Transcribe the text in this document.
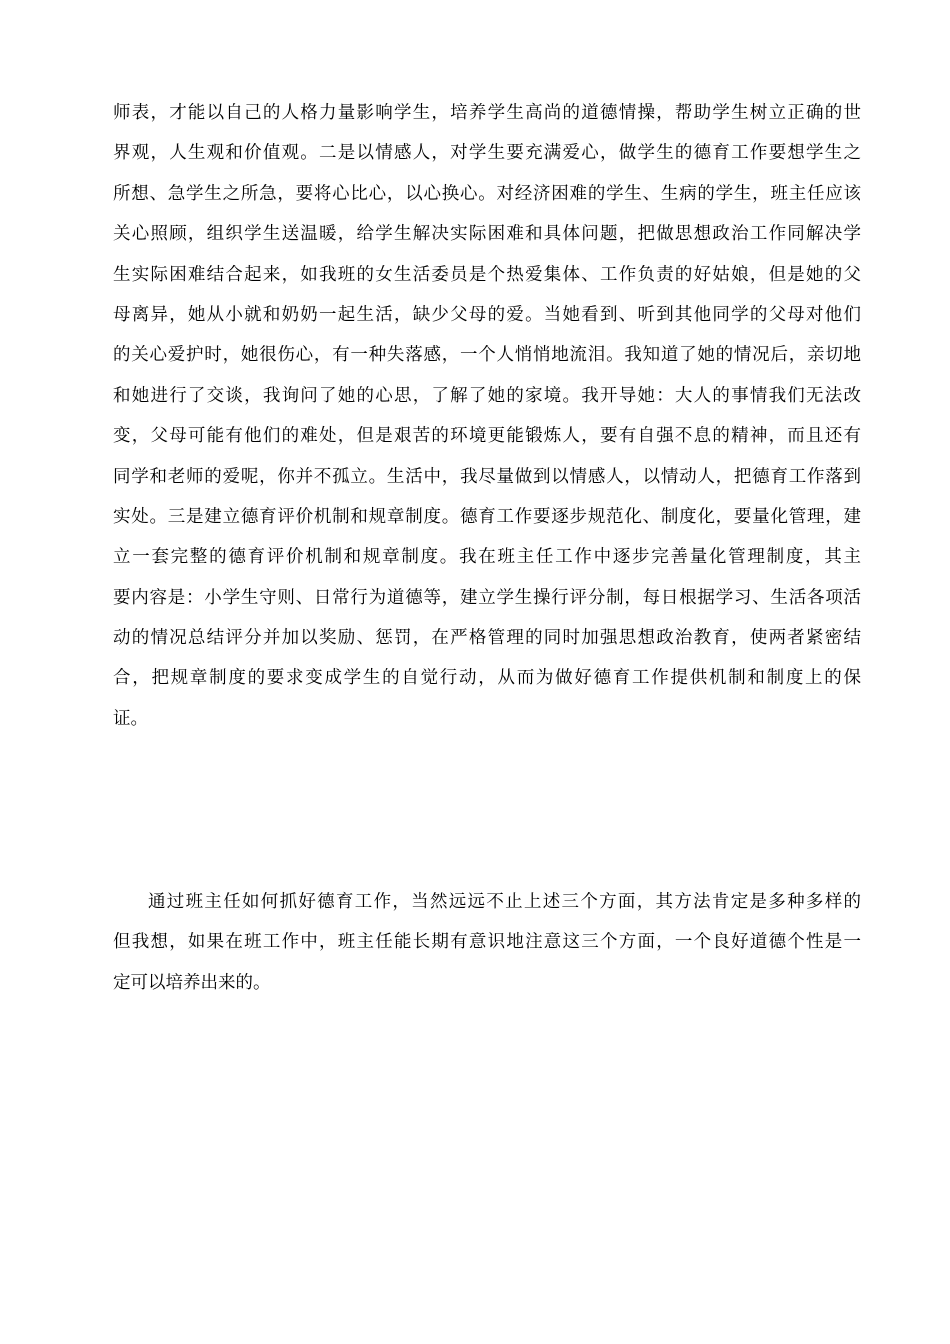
师表，才能以自己的人格力量影响学生，培养学生高尚的道德情操，帮助学生树立正确的世
界观，人生观和价值观。二是以情感人，对学生要充满爱心，做学生的德育工作要想学生之
所想、急学生之所急，要将心比心，以心换心。对经济困难的学生、生病的学生，班主任应该
关心照顾，组织学生送温暖，给学生解决实际困难和具体问题，把做思想政治工作同解决学
生实际困难结合起来，如我班的女生活委员是个热爱集体、工作负责的好姑娘，但是她的父
母离异，她从小就和奶奶一起生活，缺少父母的爱。当她看到、听到其他同学的父母对他们
的关心爱护时，她很伤心，有一种失落感，一个人悄悄地流泪。我知道了她的情况后，亲切地
和她进行了交谈，我询问了她的心思，了解了她的家境。我开导她：大人的事情我们无法改
变，父母可能有他们的难处，但是艰苦的环境更能锻炼人，要有自强不息的精神，而且还有
同学和老师的爱呢，你并不孤立。生活中，我尽量做到以情感人，以情动人，把德育工作落到
实处。三是建立德育评价机制和规章制度。德育工作要逐步规范化、制度化，要量化管理，建
立一套完整的德育评价机制和规章制度。我在班主任工作中逐步完善量化管理制度，其主
要内容是：小学生守则、日常行为道德等，建立学生操行评分制，每日根据学习、生活各项活
动的情况总结评分并加以奖励、惩罚，在严格管理的同时加强思想政治教育，使两者紧密结
合，把规章制度的要求变成学生的自觉行动，从而为做好德育工作提供机制和制度上的保
证。
通过班主任如何抓好德育工作，当然远远不止上述三个方面，其方法肯定是多种多样的
但我想，如果在班工作中，班主任能长期有意识地注意这三个方面，一个良好道德个性是一
定可以培养出来的。
